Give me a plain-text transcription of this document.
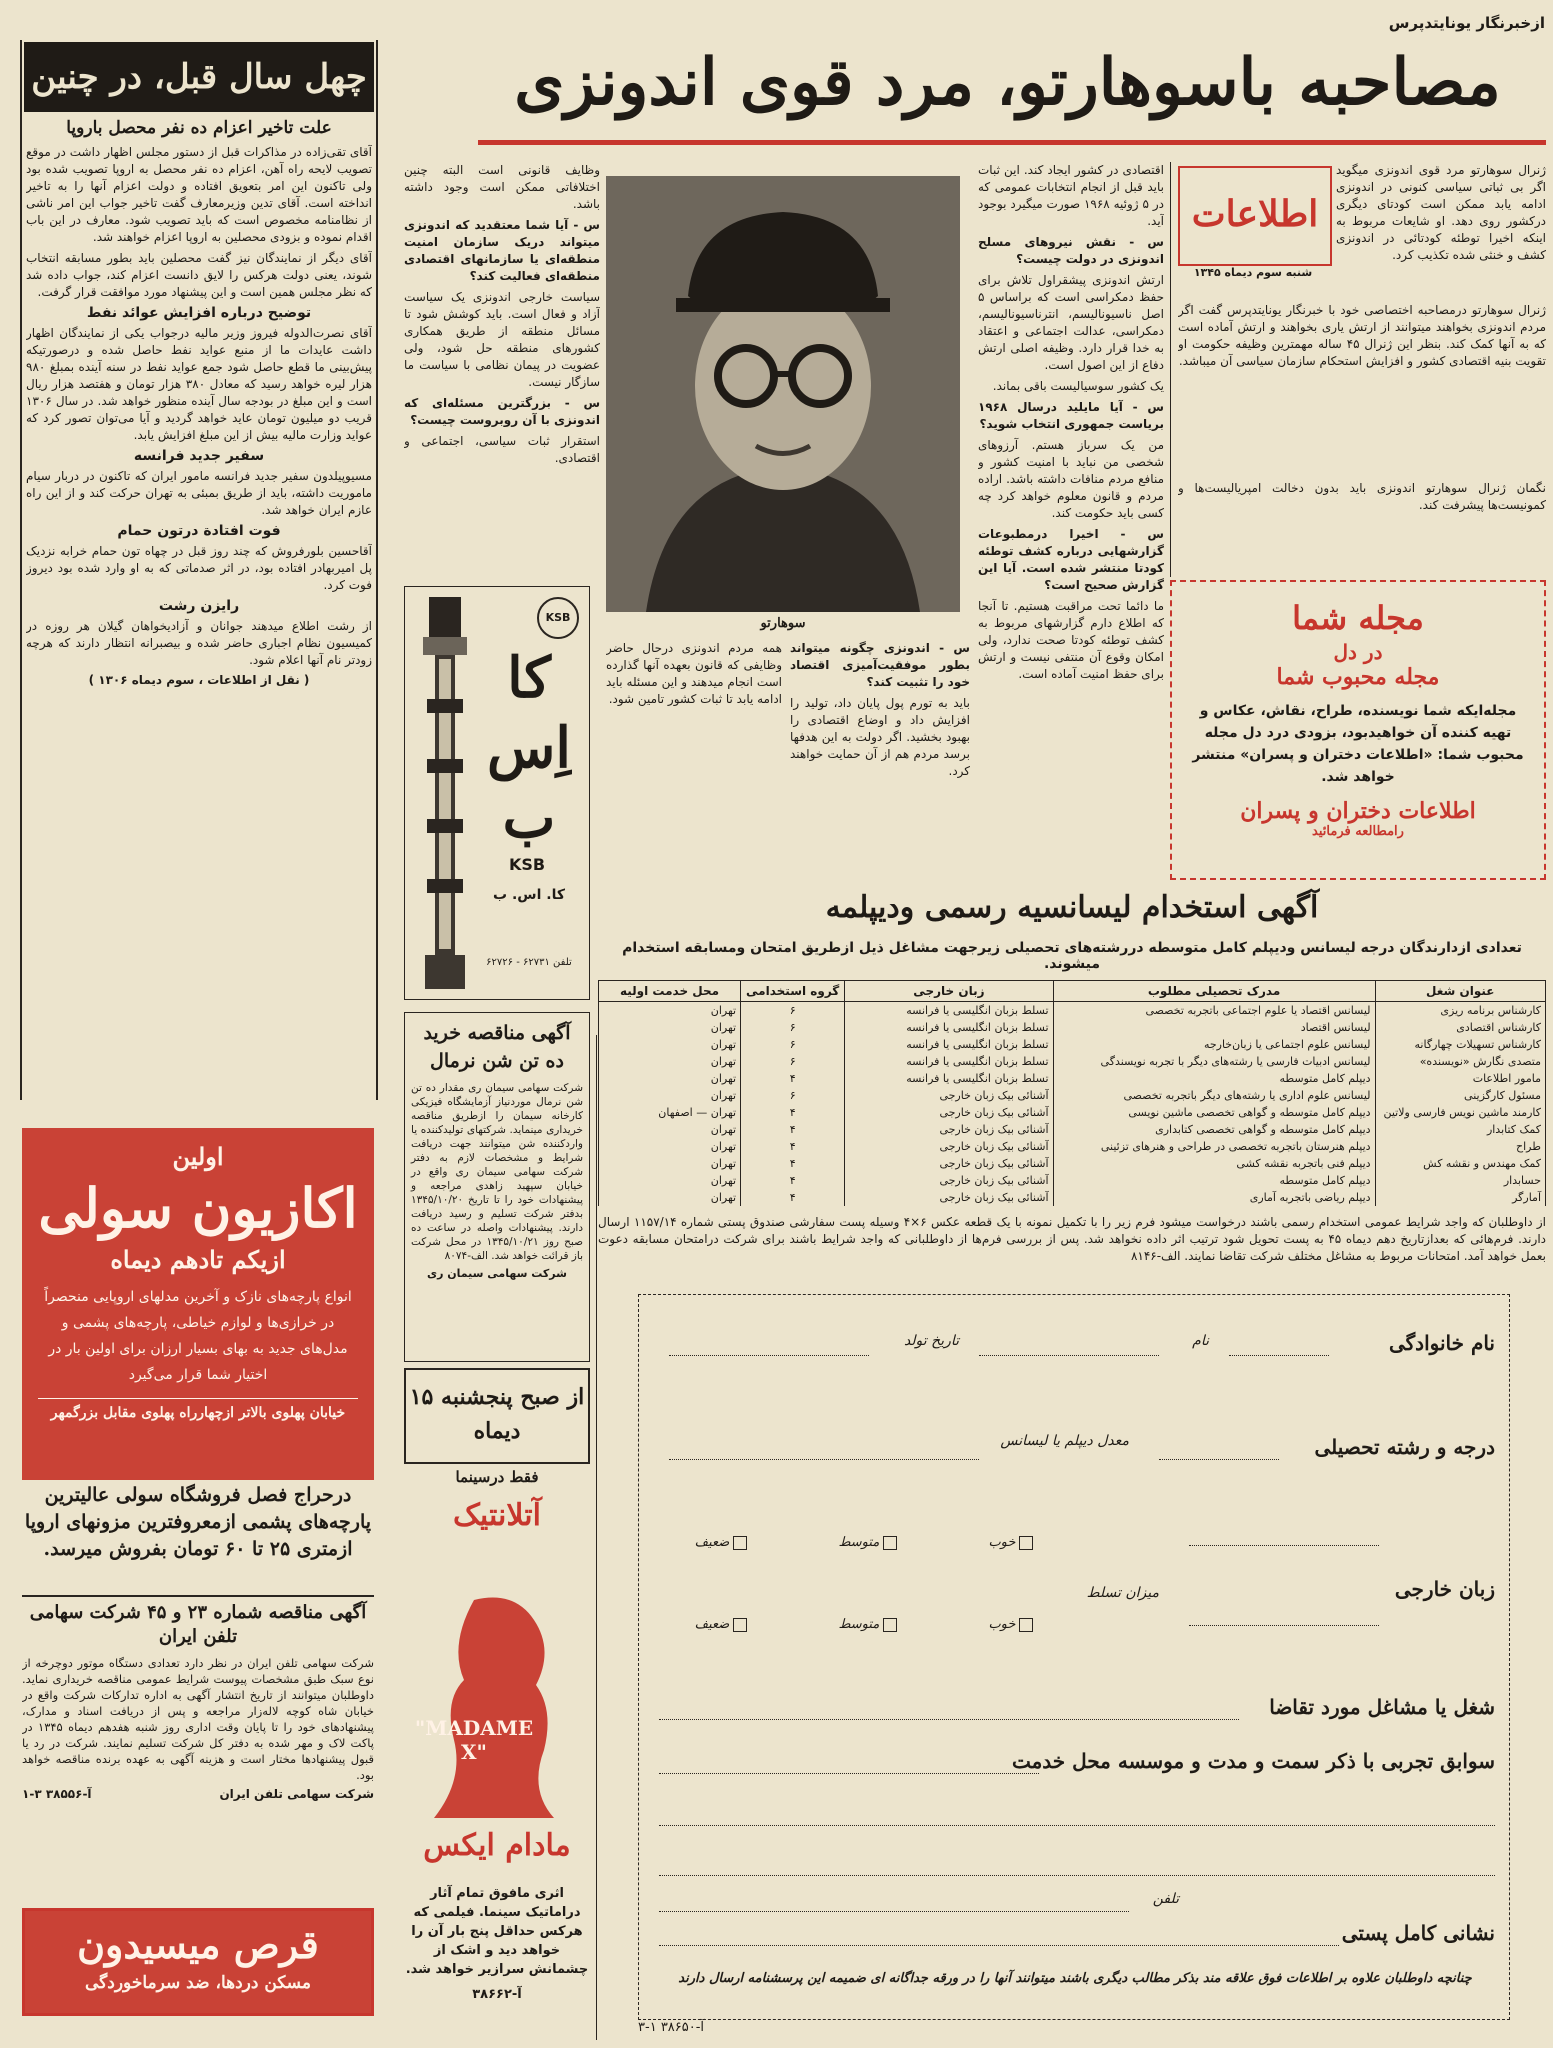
ازخبرنگار یونایتدپرس
مصاحبه باسوهارتو، مرد قوی اندونزی
چهل سال قبل، در چنین
علت تاخیر اعزام ده نفر محصل باروپا

آقای تقی‌زاده در مذاکرات قبل از دستور مجلس اظهار داشت در موقع تصویب لایحه راه آهن، اعزام ده نفر محصل به اروپا تصویب شده بود ولی تاکنون این امر بتعویق افتاده و دولت اعزام آنها را به تاخیر انداخته است. آقای تدین وزیرمعارف گفت تاخیر جواب این امر ناشی از نظامنامه مخصوص است که باید تصویب شود. معارف در این باب اقدام نموده و بزودی محصلین به اروپا اعزام خواهند شد.

آقای دیگر از نمایندگان نیز گفت محصلین باید بطور مسابقه انتخاب شوند، یعنی دولت هرکس را لایق دانست اعزام کند، جواب داده شد که نظر مجلس همین است و این پیشنهاد مورد موافقت قرار گرفت.

توضیح درباره افزایش عوائد نفط

آقای نصرت‌الدوله فیروز وزیر مالیه درجواب یکی از نمایندگان اظهار داشت عایدات ما از منبع عواید نفط حاصل شده و درصورتیکه پیش‌بینی ما قطع حاصل شود جمع عواید نفط در سنه آینده بمبلغ ۹۸۰ هزار لیره خواهد رسید که معادل ۳۸۰ هزار تومان و هفتصد هزار ریال است و این مبلغ در بودجه سال آینده منظور خواهد شد. در سال ۱۳۰۶ قریب دو میلیون تومان عاید خواهد گردید و آیا می‌توان تصور کرد که عواید وزارت مالیه بیش از این مبلغ افزایش یابد.

سفیر جدید فرانسه

مسیوپیلدون سفیر جدید فرانسه مامور ایران که تاکنون در دربار سیام ماموریت داشته، باید از طریق بمبئی به تهران حرکت کند و از این راه عازم ایران خواهد شد.

فوت افتادة درتون حمام

آقاحسین بلورفروش که چند روز قبل در چهاه تون حمام خرابه نزدیک پل امیربهادر افتاده بود، در اثر صدماتی که به او وارد شده بود دیروز فوت کرد.

رایزن رشت

از رشت اطلاع میدهند جوانان و آزادیخواهان گیلان هر روزه در کمیسیون نظام اجباری حاضر شده و بیصبرانه انتظار دارند که هرچه زودتر نام آنها اعلام شود.

( نقل از اطلاعات ، سوم دیماه ۱۳۰۶ )
اولین
اکازیون سولی
ازیکم تادهم دیماه
انواع پارچه‌های نازک و آخرین مدلهای اروپایی منحصراً در خرازی‌ها و لوازم خیاطی، پارچه‌های پشمی و مدل‌های جدید به بهای بسیار ارزان برای اولین بار در اختیار شما قرار می‌گیرد
خیابان پهلوی بالاتر ازچهارراه پهلوی مقابل بزرگمهر
درحراج فصل فروشگاه سولی عالیترین پارچه‌های پشمی ازمعروفترین مزونهای اروپا ازمتری ۲۵ تا ۶۰ تومان بفروش میرسد.
آگهی مناقصه شماره ۲۳ و ۴۵ شرکت سهامی تلفن ایران

شرکت سهامی تلفن ایران در نظر دارد تعدادی دستگاه موتور دوچرخه از نوع سبک طبق مشخصات پیوست شرایط عمومی مناقصه خریداری نماید. داوطلبان میتوانند از تاریخ انتشار آگهی به اداره تدارکات شرکت واقع در خیابان شاه کوچه لاله‌زار مراجعه و پس از دریافت اسناد و مدارک، پیشنهادهای خود را تا پایان وقت اداری روز شنبه هفدهم دیماه ۱۳۴۵ در پاکت لاک و مهر شده به دفتر کل شرکت تسلیم نمایند. شرکت در رد یا قبول پیشنهادها مختار است و هزینه آگهی به عهده برنده مناقصه خواهد بود.

شرکت سهامی تلفن ایران
آ-۳۸۵۵۶ ۳-۱
قرص میسیدون
مسکن دردها، ضد سرماخوردگی
KSB
کا
اِس
ب
KSB
کا. اس. ب
تلفن ۶۲۷۳۱ - ۶۲۷۲۶
آگهی مناقصه خرید ده تن شن نرمال

شرکت سهامی سیمان ری مقدار ده تن شن نرمال موردنیاز آزمایشگاه فیزیکی کارخانه سیمان را ازطریق مناقصه خریداری مینماید. شرکتهای تولیدکننده یا واردکننده شن میتوانند جهت دریافت شرایط و مشخصات لازم به دفتر شرکت سهامی سیمان ری واقع در خیابان سپهبد زاهدی مراجعه و پیشنهادات خود را تا تاریخ ۱۳۴۵/۱۰/۲۰ بدفتر شرکت تسلیم و رسید دریافت دارند. پیشنهادات واصله در ساعت ده صبح روز ۱۳۴۵/۱۰/۲۱ در محل شرکت باز قرائت خواهد شد. الف-۸۰۷۴

شرکت سهامی سیمان ری
از صبح پنجشنبه ۱۵ دیماه
فقط درسینما
آتلانتیک
"MADAME X"
مادام ایکس
اثری مافوق تمام آثار دراماتیک سینما. فیلمی که هرکس حداقل پنج بار آن را خواهد دید و اشک از چشمانش سرازیر خواهد شد.
آ-۳۸۶۶۲
اطلاعات
شنبه سوم دیماه ۱۳۴۵

ژنرال سوهارتو مرد قوی اندونزی میگوید اگر بی ثباتی سیاسی کنونی در اندونزی ادامه یابد ممکن است کودتای دیگری درکشور روی دهد. او شایعات مربوط به اینکه اخیرا توطئه کودتائی در اندونزی کشف و خنثی شده تکذیب کرد.

ژنرال سوهارتو درمصاحبه اختصاصی خود با خبرنگار یونایتدپرس گفت اگر مردم اندونزی بخواهند میتوانند از ارتش یاری بخواهند و ارتش آماده است که به آنها کمک کند. بنظر این ژنرال ۴۵ ساله مهمترین وظیفه حکومت او تقویت بنیه اقتصادی کشور و افزایش استحکام سازمان سیاسی آن میباشد.

نگمان ژنرال سوهارتو اندونزی باید بدون دخالت امپریالیست‌ها و کمونیست‌ها پیشرفت کند.

اقتصادی در کشور ایجاد کند. این ثبات باید قبل از انجام انتخابات عمومی که در ۵ ژوئیه ۱۹۶۸ صورت میگیرد بوجود آید.

س - نقش نیروهای مسلح اندونزی در دولت چیست؟

ارتش اندونزی پیشقراول تلاش برای حفظ دمکراسی است که براساس ۵ اصل ناسیونالیسم، انترناسیونالیسم، دمکراسی، عدالت اجتماعی و اعتقاد به خدا قرار دارد. وظیفه اصلی ارتش دفاع از این اصول است.

یک کشور سوسیالیست باقی بماند.

س - آیا مایلید درسال ۱۹۶۸ بریاست جمهوری انتخاب شوید؟

من یک سرباز هستم. آرزوهای شخصی من نباید با امنیت کشور و منافع مردم منافات داشته باشد. اراده مردم و قانون معلوم خواهد کرد چه کسی باید حکومت کند.

س - اخیرا درمطبوعات گزارشهایی درباره کشف توطئه کودتا منتشر شده است. آیا این گزارش صحیح است؟

ما دائما تحت مراقبت هستیم. تا آنجا که اطلاع دارم گزارشهای مربوط به کشف توطئه کودتا صحت ندارد، ولی امکان وقوع آن منتفی نیست و ارتش برای حفظ امنیت آماده است.

سوهارتو

س - اندونزی چگونه میتواند بطور موفقیت‌آمیزی اقتصاد خود را تثبیت کند؟

باید به تورم پول پایان داد، تولید را افزایش داد و اوضاع اقتصادی را بهبود بخشید. اگر دولت به این هدفها برسد مردم هم از آن حمایت خواهند کرد.

همه مردم اندونزی درحال حاضر وظایفی که قانون بعهده آنها گذارده است انجام میدهند و این مسئله باید ادامه یابد تا ثبات کشور تامین شود.

وظایف قانونی است البته چنین اختلافاتی ممکن است وجود داشته باشد.

س - آیا شما معتقدید که اندونزی میتواند دریک سازمان امنیت منطقه‌ای یا سازمانهای اقتصادی منطقه‌ای فعالیت کند؟

سیاست خارجی اندونزی یک سیاست آزاد و فعال است. باید کوشش شود تا مسائل منطقه از طریق همکاری کشورهای منطقه حل شود، ولی عضویت در پیمان نظامی با سیاست ما سازگار نیست.

س - بزرگترین مسئله‌ای که اندونزی با آن روبروست چیست؟

استقرار ثبات سیاسی، اجتماعی و اقتصادی.

مجله شما
در دل
مجله محبوب شما
مجله‌ایکه شما نویسنده، طراح، نقاش، عکاس و تهیه کننده آن خواهیدبود، بزودی درد دل مجله محبوب شما: «اطلاعات دختران و پسران» منتشر خواهد شد.
اطلاعات دختران و پسران
رامطالعه فرمائید
آگهی استخدام لیسانسیه رسمی ودیپلمه
تعدادی ازدارندگان درجه لیسانس ودیپلم کامل متوسطه دررشته‌های تحصیلی زیرجهت مشاغل ذیل ازطریق امتحان ومسابقه استخدام میشوند.
عنوان شغل	مدرک تحصیلی مطلوب	زبان خارجی	گروه استخدامی	محل خدمت اولیه
کارشناس برنامه ریزی	لیسانس اقتصاد یا علوم اجتماعی باتجربه تخصصی	تسلط بزبان انگلیسی یا فرانسه	۶	تهران
کارشناس اقتصادی	لیسانس اقتصاد	تسلط بزبان انگلیسی یا فرانسه	۶	تهران
کارشناس تسهیلات چهارگانه	لیسانس علوم اجتماعی یا زبان‌خارجه	تسلط بزبان انگلیسی یا فرانسه	۶	تهران
متصدی نگارش «نویسنده»	لیسانس ادبیات فارسی یا رشته‌های دیگر با تجربه نویسندگی	تسلط بزبان انگلیسی یا فرانسه	۶	تهران
مامور اطلاعات	دیپلم کامل متوسطه	تسلط بزبان انگلیسی یا فرانسه	۴	تهران
مسئول کارگزینی	لیسانس علوم اداری یا رشته‌های دیگر باتجربه تخصصی	آشنائی بیک زبان خارجی	۶	تهران
کارمند ماشین نویس فارسی ولاتین	دیپلم کامل متوسطه و گواهی تخصصی ماشین نویسی	آشنائی بیک زبان خارجی	۴	تهران — اصفهان
کمک کتابدار	دیپلم کامل متوسطه و گواهی تخصصی کتابداری	آشنائی بیک زبان خارجی	۴	تهران
طراح	دیپلم هنرستان باتجربه تخصصی در طراحی و هنرهای تزئینی	آشنائی بیک زبان خارجی	۴	تهران
کمک مهندس و نقشه کش	دیپلم فنی باتجربه نقشه کشی	آشنائی بیک زبان خارجی	۴	تهران
حسابدار	دیپلم کامل متوسطه	آشنائی بیک زبان خارجی	۴	تهران
آمارگر	دیپلم ریاضی باتجربه آماری	آشنائی بیک زبان خارجی	۴	تهران

از داوطلبان که واجد شرایط عمومی استخدام رسمی باشند درخواست میشود فرم زیر را با تکمیل نمونه با یک قطعه عکس ۶×۴ وسیله پست سفارشی صندوق پستی شماره ۱۱۵۷/۱۴ ارسال دارند. فرم‌هائی که بعدازتاریخ دهم دیماه ۴۵ به پست تحویل شود ترتیب اثر داده نخواهد شد. پس از بررسی فرم‌ها از داوطلبانی که واجد شرایط باشند برای شرکت درامتحان مسابقه دعوت بعمل خواهد آمد. امتحانات مربوط به مشاغل مختلف شرکت تقاضا نمایند. الف-۸۱۴۶

نام خانوادگی
نام
تاریخ تولد
درجه و رشته تحصیلی
معدل دیپلم یا لیسانس
زبان خارجی
میزان تسلط
خوب
متوسط
ضعیف
خوب
متوسط
ضعیف
شغل یا مشاغل مورد تقاضا
سوابق تجربی با ذکر سمت و مدت و موسسه محل خدمت
نشانی کامل پستی
تلفن
چنانچه داوطلبان علاوه بر اطلاعات فوق علاقه مند بذکر مطالب دیگری باشند میتوانند آنها را در ورقه جداگانه ای ضمیمه این پرسشنامه ارسال دارند
آ-۳۸۶۵۰ ۱-۳
